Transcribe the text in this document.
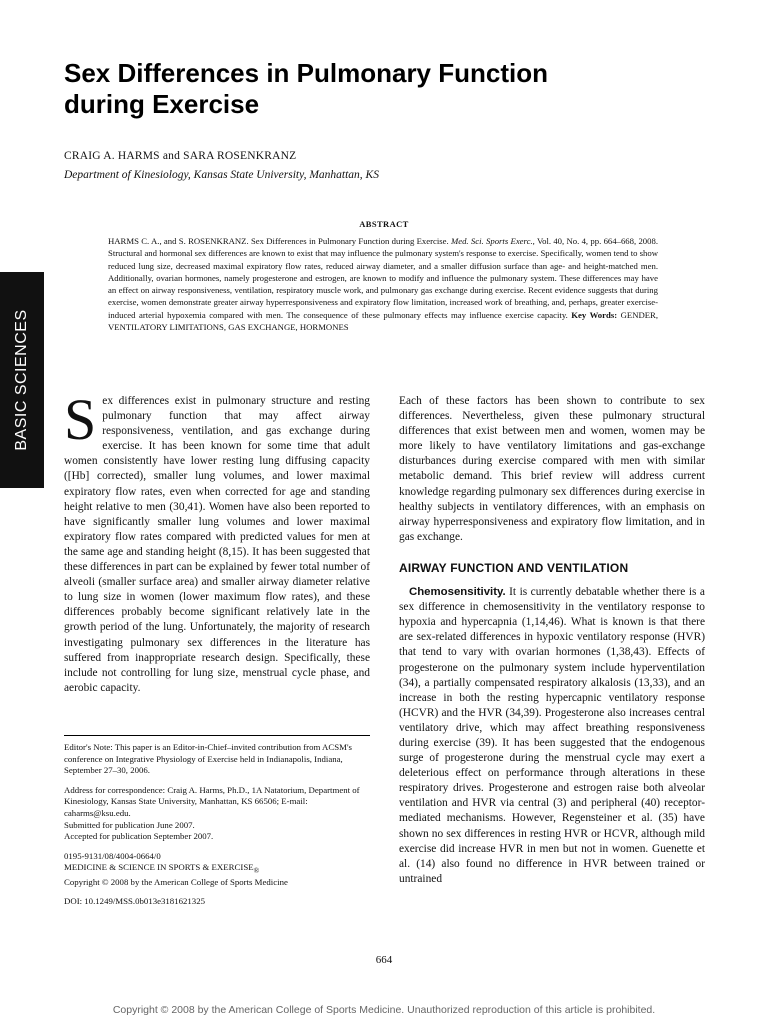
BASIC SCIENCES
Sex Differences in Pulmonary Function
during Exercise
CRAIG A. HARMS and SARA ROSENKRANZ
Department of Kinesiology, Kansas State University, Manhattan, KS
ABSTRACT

HARMS C. A., and S. ROSENKRANZ. Sex Differences in Pulmonary Function during Exercise. Med. Sci. Sports Exerc., Vol. 40, No. 4, pp. 664–668, 2008. Structural and hormonal sex differences are known to exist that may influence the pulmonary system's response to exercise. Specifically, women tend to show reduced lung size, decreased maximal expiratory flow rates, reduced airway diameter, and a smaller diffusion surface than age- and height-matched men. Additionally, ovarian hormones, namely progesterone and estrogen, are known to modify and influence the pulmonary system. These differences may have an effect on airway responsiveness, ventilation, respiratory muscle work, and pulmonary gas exchange during exercise. Recent evidence suggests that during exercise, women demonstrate greater airway hyperresponsiveness and expiratory flow limitation, increased work of breathing, and, perhaps, greater exercise-induced arterial hypoxemia compared with men. The consequence of these pulmonary effects may influence exercise capacity. Key Words: GENDER, VENTILATORY LIMITATIONS, GAS EXCHANGE, HORMONES

Sex differences exist in pulmonary structure and resting pulmonary function that may affect airway responsiveness, ventilation, and gas exchange during exercise. It has been known for some time that adult women consistently have lower resting lung diffusing capacity ([Hb] corrected), smaller lung volumes, and lower maximal expiratory flow rates, even when corrected for age and standing height relative to men (30,41). Women have also been reported to have significantly smaller lung volumes and lower maximal expiratory flow rates compared with predicted values for men at the same age and standing height (8,15). It has been suggested that these differences in part can be explained by fewer total number of alveoli (smaller surface area) and smaller airway diameter relative to lung size in women (lower maximum flow rates), and these differences probably become significant relatively late in the growth period of the lung. Unfortunately, the majority of research investigating pulmonary sex differences in the literature has suffered from inappropriate research design. Specifically, these include not controlling for lung size, menstrual cycle phase, and aerobic capacity.

Each of these factors has been shown to contribute to sex differences. Nevertheless, given these pulmonary structural differences that exist between men and women, women may be more likely to have ventilatory limitations and gas-exchange disturbances during exercise compared with men with similar metabolic demand. This brief review will address current knowledge regarding pulmonary sex differences during exercise in healthy subjects in ventilatory differences, with an emphasis on airway hyperresponsiveness and expiratory flow limitation, and in gas exchange.

AIRWAY FUNCTION AND VENTILATION

Chemosensitivity. It is currently debatable whether there is a sex difference in chemosensitivity in the ventilatory response to hypoxia and hypercapnia (1,14,46). What is known is that there are sex-related differences in hypoxic ventilatory response (HVR) that tend to vary with ovarian hormones (1,38,43). Effects of progesterone on the pulmonary system include hyperventilation (34), a partially compensated respiratory alkalosis (13,33), and an increase in both the resting hypercapnic ventilatory response (HCVR) and the HVR (34,39). Progesterone also increases central ventilatory drive, which may affect breathing responsiveness during exercise (39). It has been suggested that the endogenous surge of progesterone during the menstrual cycle may exert a deleterious effect on performance through alterations in these respiratory drives. Progesterone and estrogen raise both alveolar ventilation and HVR via central (3) and peripheral (40) receptor-mediated mechanisms. However, Regensteiner et al. (35) have shown no sex differences in resting HVR or HCVR, although mild exercise did increase HVR in men but not in women. Guenette et al. (14) also found no difference in HVR between trained or untrained

Editor's Note: This paper is an Editor-in-Chief–invited contribution from ACSM's conference on Integrative Physiology of Exercise held in Indianapolis, Indiana, September 27–30, 2006.

Address for correspondence: Craig A. Harms, Ph.D., 1A Natatorium, Department of Kinesiology, Kansas State University, Manhattan, KS 66506; E-mail: caharms@ksu.edu.

Submitted for publication June 2007.

Accepted for publication September 2007.

0195-9131/08/4004-0664/0

MEDICINE & SCIENCE IN SPORTS & $EXERCISE_®$

Copyright © 2008 by the American College of Sports Medicine

DOI: 10.1249/MSS.0b013e3181621325

664
Copyright © 2008 by the American College of Sports Medicine. Unauthorized reproduction of this article is prohibited.
